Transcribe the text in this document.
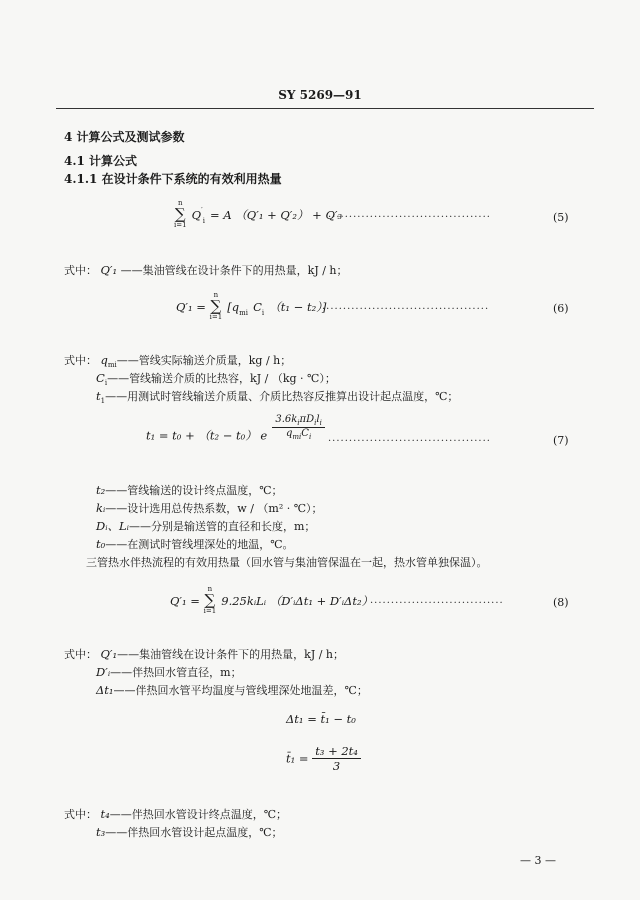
SY 5269—91
4 计算公式及测试参数
4.1 计算公式
4.1.1 在设计条件下系统的有效利用热量
n
∑
i=1
$Q'_i = A$ （Q′₁ + Q′₂） + Q′₃
·······································	(5)
式中： Q′₁ ——集油管线在设计条件下的用热量，kJ / h；
Q′₁ =
n
∑
i=1
[$q_{mi}$ $C_i$ （t₁ − t₂）]
········································	(6)
式中： $q_{mi}——$管线实际输送介质量，kg / h；
$C_i——$管线输送介质的比热容，kJ / （kg · ℃）；
$t_1——$用测试时管线输送介质量、介质比热容反推算出设计起点温度，℃；
t₁ = t₀ + （t₂ − t₀） e $\frac{3.6k_i\pi D_il_i}{q_{mi}C_i}$
·······································	(7)
t₂——管线输送的设计终点温度，℃；
kᵢ——设计选用总传热系数，w / （m² · ℃）；
Dᵢ、Lᵢ——分别是输送管的直径和长度，m；
t₀——在测试时管线埋深处的地温，℃。
三管热水伴热流程的有效用热量（回水管与集油管保温在一起，热水管单独保温）。
Q′₁ =
n
∑
i=1
9.25kᵢLᵢ （D′ᵢΔt₁ + D′ᵢΔt₂）
································	(8)
式中： Q′₁——集油管线在设计条件下的用热量，kJ / h；
D′ᵢ——伴热回水管直径，m；
Δt₁——伴热回水管平均温度与管线埋深处地温差，℃；
Δt₁ = t̄₁ − t₀
t̄₁ = $\frac{\text{t₃ + 2t₄}}{3}$
式中： t₄——伴热回水管设计终点温度，℃；
t₃——伴热回水管设计起点温度，℃；
— 3 —
